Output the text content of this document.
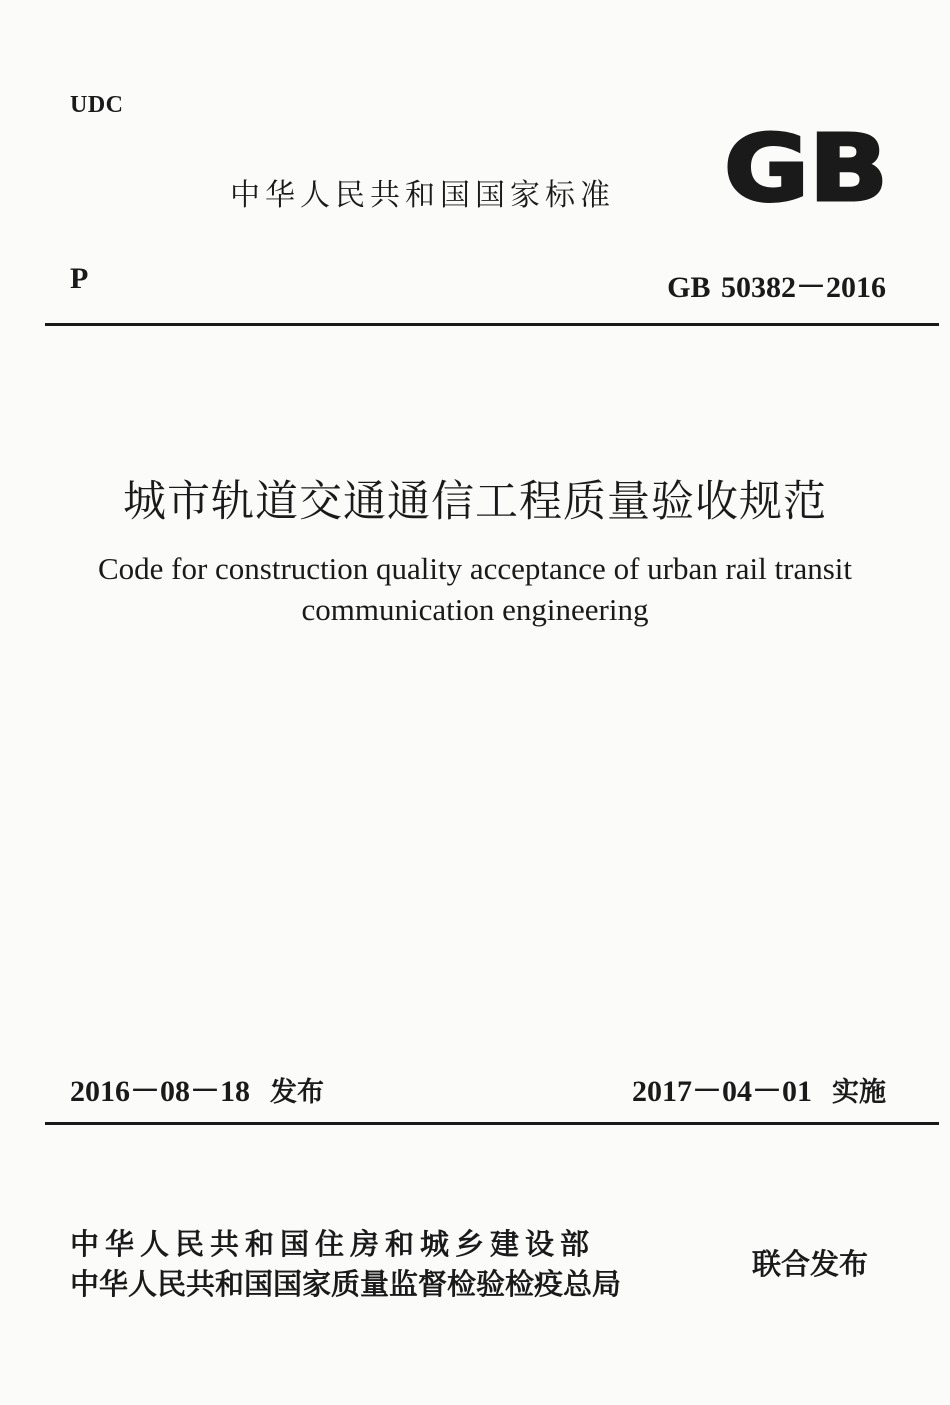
UDC
中华人民共和国国家标准 GB
P	GB 50382－2016
城市轨道交通通信工程质量验收规范
Code for construction quality acceptance of urban rail transit
communication engineering
2016－08－18 发布	2017－04－01 实施
中华人民共和国住房和城乡建设部
中华人民共和国国家质量监督检验检疫总局
联合发布
